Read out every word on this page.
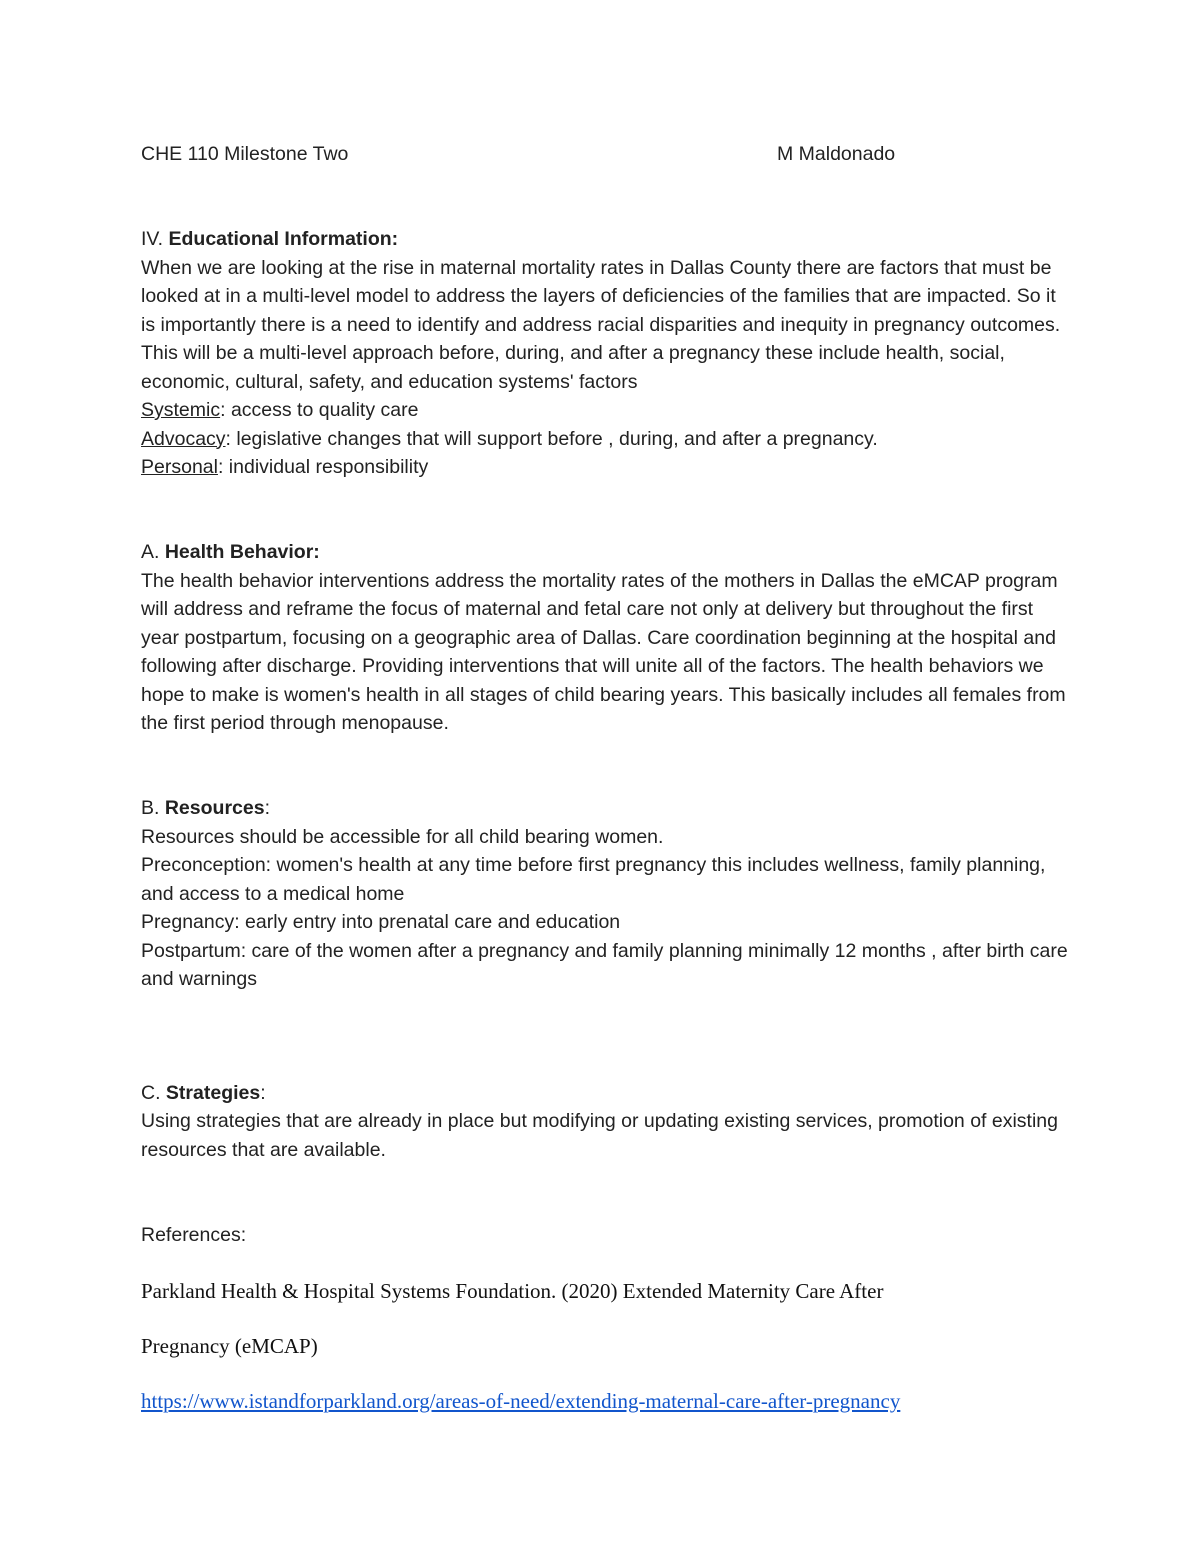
CHE 110 Milestone Two	M Maldonado

IV. Educational Information:

When we are looking at the rise in maternal mortality rates in Dallas County there are factors that must be looked at in a multi-level model to address the layers of deficiencies of the families that are impacted. So it is importantly there is a need to identify and address racial disparities and inequity in pregnancy outcomes. This will be a multi-level approach before, during, and after a pregnancy these include health, social, economic, cultural, safety, and education systems' factors

Systemic: access to quality care

Advocacy: legislative changes that will support before , during, and after a pregnancy.

Personal: individual responsibility

A. Health Behavior:

The health behavior interventions address the mortality rates of the mothers in Dallas the eMCAP program will address and reframe the focus of maternal and fetal care not only at delivery but throughout the first year postpartum, focusing on a geographic area of Dallas. Care coordination beginning at the hospital and following after discharge. Providing interventions that will unite all of the factors. The health behaviors we hope to make is women's health in all stages of child bearing years. This basically includes all females from the first period through menopause.

B. Resources:

Resources should be accessible for all child bearing women.

Preconception: women's health at any time before first pregnancy this includes wellness, family planning, and access to a medical home

Pregnancy: early entry into prenatal care and education

Postpartum: care of the women after a pregnancy and family planning minimally 12 months , after birth care and warnings

C. Strategies:

Using strategies that are already in place but modifying or updating existing services, promotion of existing resources that are available.

References:

Parkland Health & Hospital Systems Foundation. (2020) Extended Maternity Care After

Pregnancy (eMCAP)

https://www.istandforparkland.org/areas-of-need/extending-maternal-care-after-pregnancy
